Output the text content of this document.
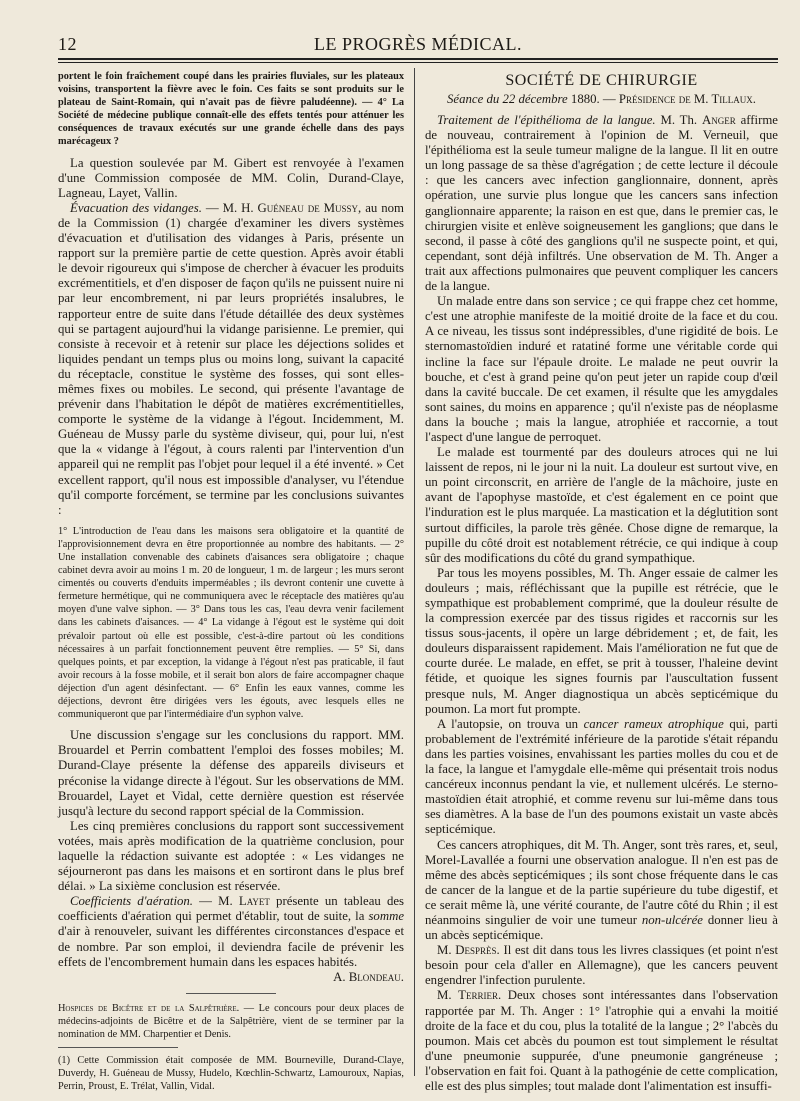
12	LE PROGRÈS MÉDICAL.

portent le foin fraîchement coupé dans les prairies fluviales, sur les plateaux voisins, transportent la fièvre avec le foin. Ces faits se sont produits sur le plateau de Saint-Romain, qui n'avait pas de fièvre paludéenne). — 4° La Société de médecine publique connaît-elle des effets tentés pour atténuer les conséquences de travaux exécutés sur une grande échelle dans des pays marécageux ?

La question soulevée par M. Gibert est renvoyée à l'examen d'une Commission composée de MM. Colin, Durand-Claye, Lagneau, Layet, Vallin.

Évacuation des vidanges. — M. H. Guéneau de Mussy, au nom de la Commission (1) chargée d'examiner les divers systèmes d'évacuation et d'utilisation des vidanges à Paris, présente un rapport sur la première partie de cette question. Après avoir établi le devoir rigoureux qui s'impose de chercher à évacuer les produits excrémentitiels, et d'en disposer de façon qu'ils ne puissent nuire ni par leur encombrement, ni par leurs propriétés insalubres, le rapporteur entre de suite dans l'étude détaillée des deux systèmes qui se partagent aujourd'hui la vidange parisienne. Le premier, qui consiste à recevoir et à retenir sur place les déjections solides et liquides pendant un temps plus ou moins long, suivant la capacité du réceptacle, constitue le système des fosses, qui sont elles-mêmes fixes ou mobiles. Le second, qui présente l'avantage de prévenir dans l'habitation le dépôt de matières excrémentitielles, comporte le système de la vidange à l'égout. Incidemment, M. Guéneau de Mussy parle du système diviseur, qui, pour lui, n'est que la « vidange à l'égout, à cours ralenti par l'intervention d'un appareil qui ne remplit pas l'objet pour lequel il a été inventé. » Cet excellent rapport, qu'il nous est impossible d'analyser, vu l'étendue qu'il comporte forcément, se termine par les conclusions suivantes :

1° L'introduction de l'eau dans les maisons sera obligatoire et la quantité de l'approvisionnement devra en être proportionnée au nombre des habitants. — 2° Une installation convenable des cabinets d'aisances sera obligatoire ; chaque cabinet devra avoir au moins 1 m. 20 de longueur, 1 m. de largeur ; les murs seront cimentés ou couverts d'enduits imperméables ; ils devront contenir une cuvette à fermeture hermétique, qui ne communiquera avec le réceptacle des matières qu'au moyen d'une valve siphon. — 3° Dans tous les cas, l'eau devra venir facilement dans les cabinets d'aisances. — 4° La vidange à l'égout est le système qui doit prévaloir partout où elle est possible, c'est-à-dire partout où les conditions nécessaires à un parfait fonctionnement peuvent être remplies. — 5° Si, dans quelques points, et par exception, la vidange à l'égout n'est pas praticable, il faut avoir recours à la fosse mobile, et il serait bon alors de faire accompagner chaque déjection d'un agent désinfectant. — 6° Enfin les eaux vannes, comme les déjections, devront être dirigées vers les égouts, avec lesquels elles ne communiqueront que par l'intermédiaire d'un syphon valve.

Une discussion s'engage sur les conclusions du rapport. MM. Brouardel et Perrin combattent l'emploi des fosses mobiles; M. Durand-Claye présente la défense des appareils diviseurs et préconise la vidange directe à l'égout. Sur les observations de MM. Brouardel, Layet et Vidal, cette dernière question est réservée jusqu'à lecture du second rapport spécial de la Commission.

Les cinq premières conclusions du rapport sont successivement votées, mais après modification de la quatrième conclusion, pour laquelle la rédaction suivante est adoptée : « Les vidanges ne séjourneront pas dans les maisons et en sortiront dans le plus bref délai. » La sixième conclusion est réservée.

Coefficients d'aération. — M. Layet présente un tableau des coefficients d'aération qui permet d'établir, tout de suite, la somme d'air à renouveler, suivant les différentes circonstances d'espace et de nombre. Par son emploi, il deviendra facile de prévenir les effets de l'encombrement humain dans les espaces habités.

A. Blondeau.

Hospices de Bicêtre et de la Salpêtrière. — Le concours pour deux places de médecins-adjoints de Bicêtre et de la Salpêtrière, vient de se terminer par la nomination de MM. Charpentier et Denis.

(1) Cette Commission était composée de MM. Bourneville, Durand-Claye, Duverdy, H. Guéneau de Mussy, Hudelo, Kœchlin-Schwartz, Lamouroux, Napias, Perrin, Proust, E. Trélat, Vallin, Vidal.

SOCIÉTÉ DE CHIRURGIE

Séance du 22 décembre 1880. — Présidence de M. Tillaux.

Traitement de l'épithélioma de la langue. M. Th. Anger affirme de nouveau, contrairement à l'opinion de M. Verneuil, que l'épithélioma est la seule tumeur maligne de la langue. Il lit en outre un long passage de sa thèse d'agrégation ; de cette lecture il découle : que les cancers avec infection ganglionnaire, donnent, après opération, une survie plus longue que les cancers sans infection ganglionnaire apparente; la raison en est que, dans le premier cas, le chirurgien visite et enlève soigneusement les ganglions; que dans le second, il passe à côté des ganglions qu'il ne suspecte point, et qui, cependant, sont déjà infiltrés. Une observation de M. Th. Anger a trait aux affections pulmonaires que peuvent compliquer les cancers de la langue.

Un malade entre dans son service ; ce qui frappe chez cet homme, c'est une atrophie manifeste de la moitié droite de la face et du cou. A ce niveau, les tissus sont indépressibles, d'une rigidité de bois. Le sternomastoïdien induré et ratatiné forme une véritable corde qui incline la face sur l'épaule droite. Le malade ne peut ouvrir la bouche, et c'est à grand peine qu'on peut jeter un rapide coup d'œil dans la cavité buccale. De cet examen, il résulte que les amygdales sont saines, du moins en apparence ; qu'il n'existe pas de néoplasme dans la bouche ; mais la langue, atrophiée et raccornie, a tout l'aspect d'une langue de perroquet.

Le malade est tourmenté par des douleurs atroces qui ne lui laissent de repos, ni le jour ni la nuit. La douleur est surtout vive, en un point circonscrit, en arrière de l'angle de la mâchoire, juste en avant de l'apophyse mastoïde, et c'est également en ce point que l'induration est le plus marquée. La mastication et la déglutition sont surtout difficiles, la parole très gênée. Chose digne de remarque, la pupille du côté droit est notablement rétrécie, ce qui indique à coup sûr des modifications du côté du grand sympathique.

Par tous les moyens possibles, M. Th. Anger essaie de calmer les douleurs ; mais, réfléchissant que la pupille est rétrécie, que le sympathique est probablement comprimé, que la douleur résulte de la compression exercée par des tissus rigides et raccornis sur les tissus sous-jacents, il opère un large débridement ; et, de fait, les douleurs disparaissent rapidement. Mais l'amélioration ne fut que de courte durée. Le malade, en effet, se prit à tousser, l'haleine devint fétide, et quoique les signes fournis par l'auscultation fussent presque nuls, M. Anger diagnostiqua un abcès septicémique du poumon. La mort fut prompte.

A l'autopsie, on trouva un cancer rameux atrophique qui, parti probablement de l'extrémité inférieure de la parotide s'était répandu dans les parties voisines, envahissant les parties molles du cou et de la face, la langue et l'amygdale elle-même qui présentait trois nodus cancéreux inconnus pendant la vie, et nullement ulcérés. Le sterno-mastoïdien était atrophié, et comme revenu sur lui-même dans tous ses diamètres. A la base de l'un des poumons existait un vaste abcès septicémique.

Ces cancers atrophiques, dit M. Th. Anger, sont très rares, et, seul, Morel-Lavallée a fourni une observation analogue. Il n'en est pas de même des abcès septicémiques ; ils sont chose fréquente dans le cas de cancer de la langue et de la partie supérieure du tube digestif, et ce serait même là, une vérité courante, de l'autre côté du Rhin ; il est néanmoins singulier de voir une tumeur non-ulcérée donner lieu à un abcès septicémique.

M. Desprès. Il est dit dans tous les livres classiques (et point n'est besoin pour cela d'aller en Allemagne), que les cancers peuvent engendrer l'infection purulente.

M. Terrier. Deux choses sont intéressantes dans l'observation rapportée par M. Th. Anger : 1° l'atrophie qui a envahi la moitié droite de la face et du cou, plus la totalité de la langue ; 2° l'abcès du poumon. Mais cet abcès du poumon est tout simplement le résultat d'une pneumonie suppurée, d'une pneumonie gangréneuse ; l'observation en fait foi. Quant à la pathogénie de cette complication, elle est des plus simples; tout malade dont l'alimentation est insuffi-
